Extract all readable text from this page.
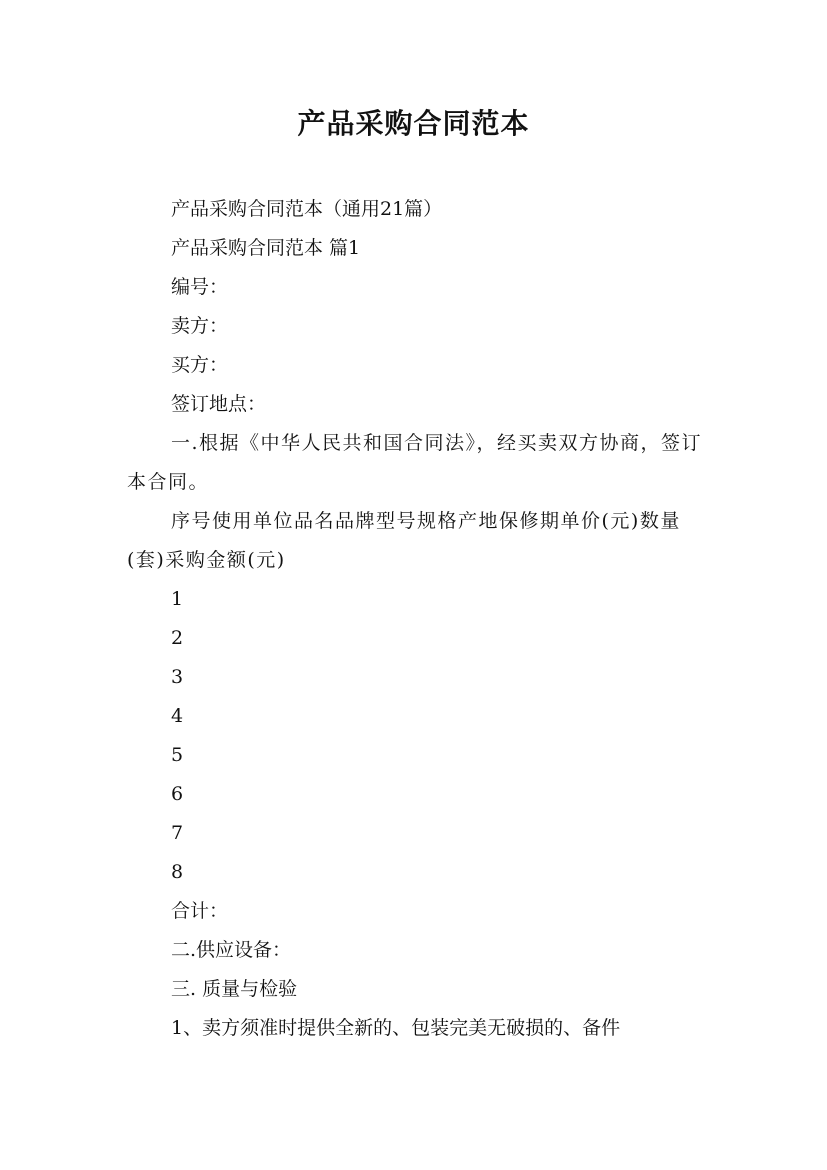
产品采购合同范本

产品采购合同范本（通用21篇）

产品采购合同范本 篇1

编号：

卖方：

买方：

签订地点：

一.根据《中华人民共和国合同法》，经买卖双方协商，签订本合同。

序号使用单位品名品牌型号规格产地保修期单价(元)数量(套)采购金额(元)

1

2

3

4

5

6

7

8

合计：

二.供应设备：

三. 质量与检验

1、卖方须准时提供全新的、包装完美无破损的、备件
